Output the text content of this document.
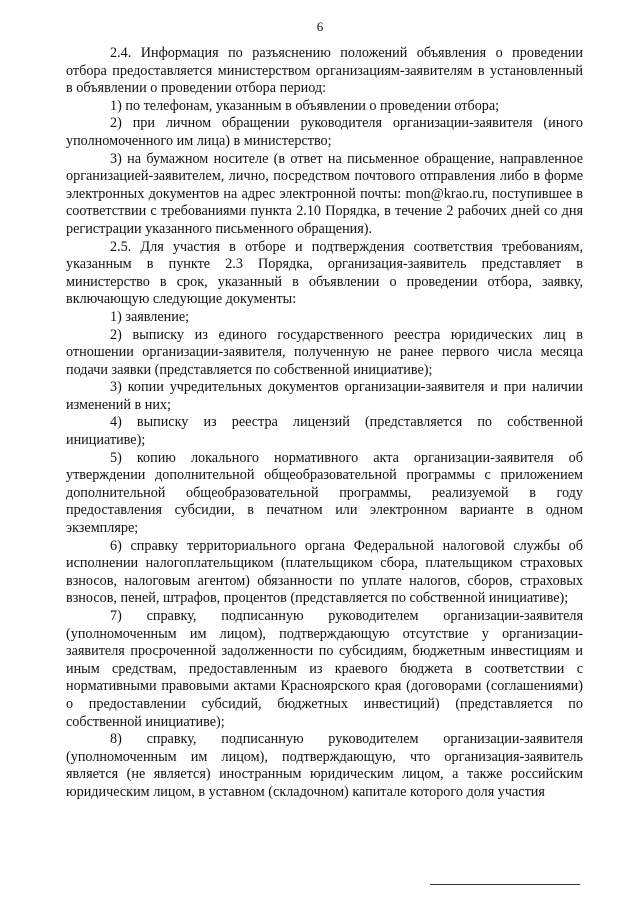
6

2.4. Информация по разъяснению положений объявления о проведении отбора предоставляется министерством организациям-заявителям в установленный в объявлении о проведении отбора период:

1) по телефонам, указанным в объявлении о проведении отбора;

2) при личном обращении руководителя организации-заявителя (иного уполномоченного им лица) в министерство;

3) на бумажном носителе (в ответ на письменное обращение, направленное организацией-заявителем, лично, посредством почтового отправления либо в форме электронных документов на адрес электронной почты: mon@krao.ru, поступившее в соответствии с требованиями пункта 2.10 Порядка, в течение 2 рабочих дней со дня регистрации указанного письменного обращения).

2.5. Для участия в отборе и подтверждения соответствия требованиям, указанным в пункте 2.3 Порядка, организация-заявитель представляет в министерство в срок, указанный в объявлении о проведении отбора, заявку, включающую следующие документы:

1) заявление;

2) выписку из единого государственного реестра юридических лиц в отношении организации-заявителя, полученную не ранее первого числа месяца подачи заявки (представляется по собственной инициативе);

3) копии учредительных документов организации-заявителя и при наличии изменений в них;

4) выписку из реестра лицензий (представляется по собственной инициативе);

5) копию локального нормативного акта организации-заявителя об утверждении дополнительной общеобразовательной программы с приложением дополнительной общеобразовательной программы, реализуемой в году предоставления субсидии, в печатном или электронном варианте в одном экземпляре;

6) справку территориального органа Федеральной налоговой службы об исполнении налогоплательщиком (плательщиком сбора, плательщиком страховых взносов, налоговым агентом) обязанности по уплате налогов, сборов, страховых взносов, пеней, штрафов, процентов (представляется по собственной инициативе);

7) справку, подписанную руководителем организации-заявителя (уполномоченным им лицом), подтверждающую отсутствие у организации-заявителя просроченной задолженности по субсидиям, бюджетным инвестициям и иным средствам, предоставленным из краевого бюджета в соответствии с нормативными правовыми актами Красноярского края (договорами (соглашениями) о предоставлении субсидий, бюджетных инвестиций) (представляется по собственной инициативе);

8) справку, подписанную руководителем организации-заявителя (уполномоченным им лицом), подтверждающую, что организация-заявитель является (не является) иностранным юридическим лицом, а также российским юридическим лицом, в уставном (складочном) капитале которого доля участия
